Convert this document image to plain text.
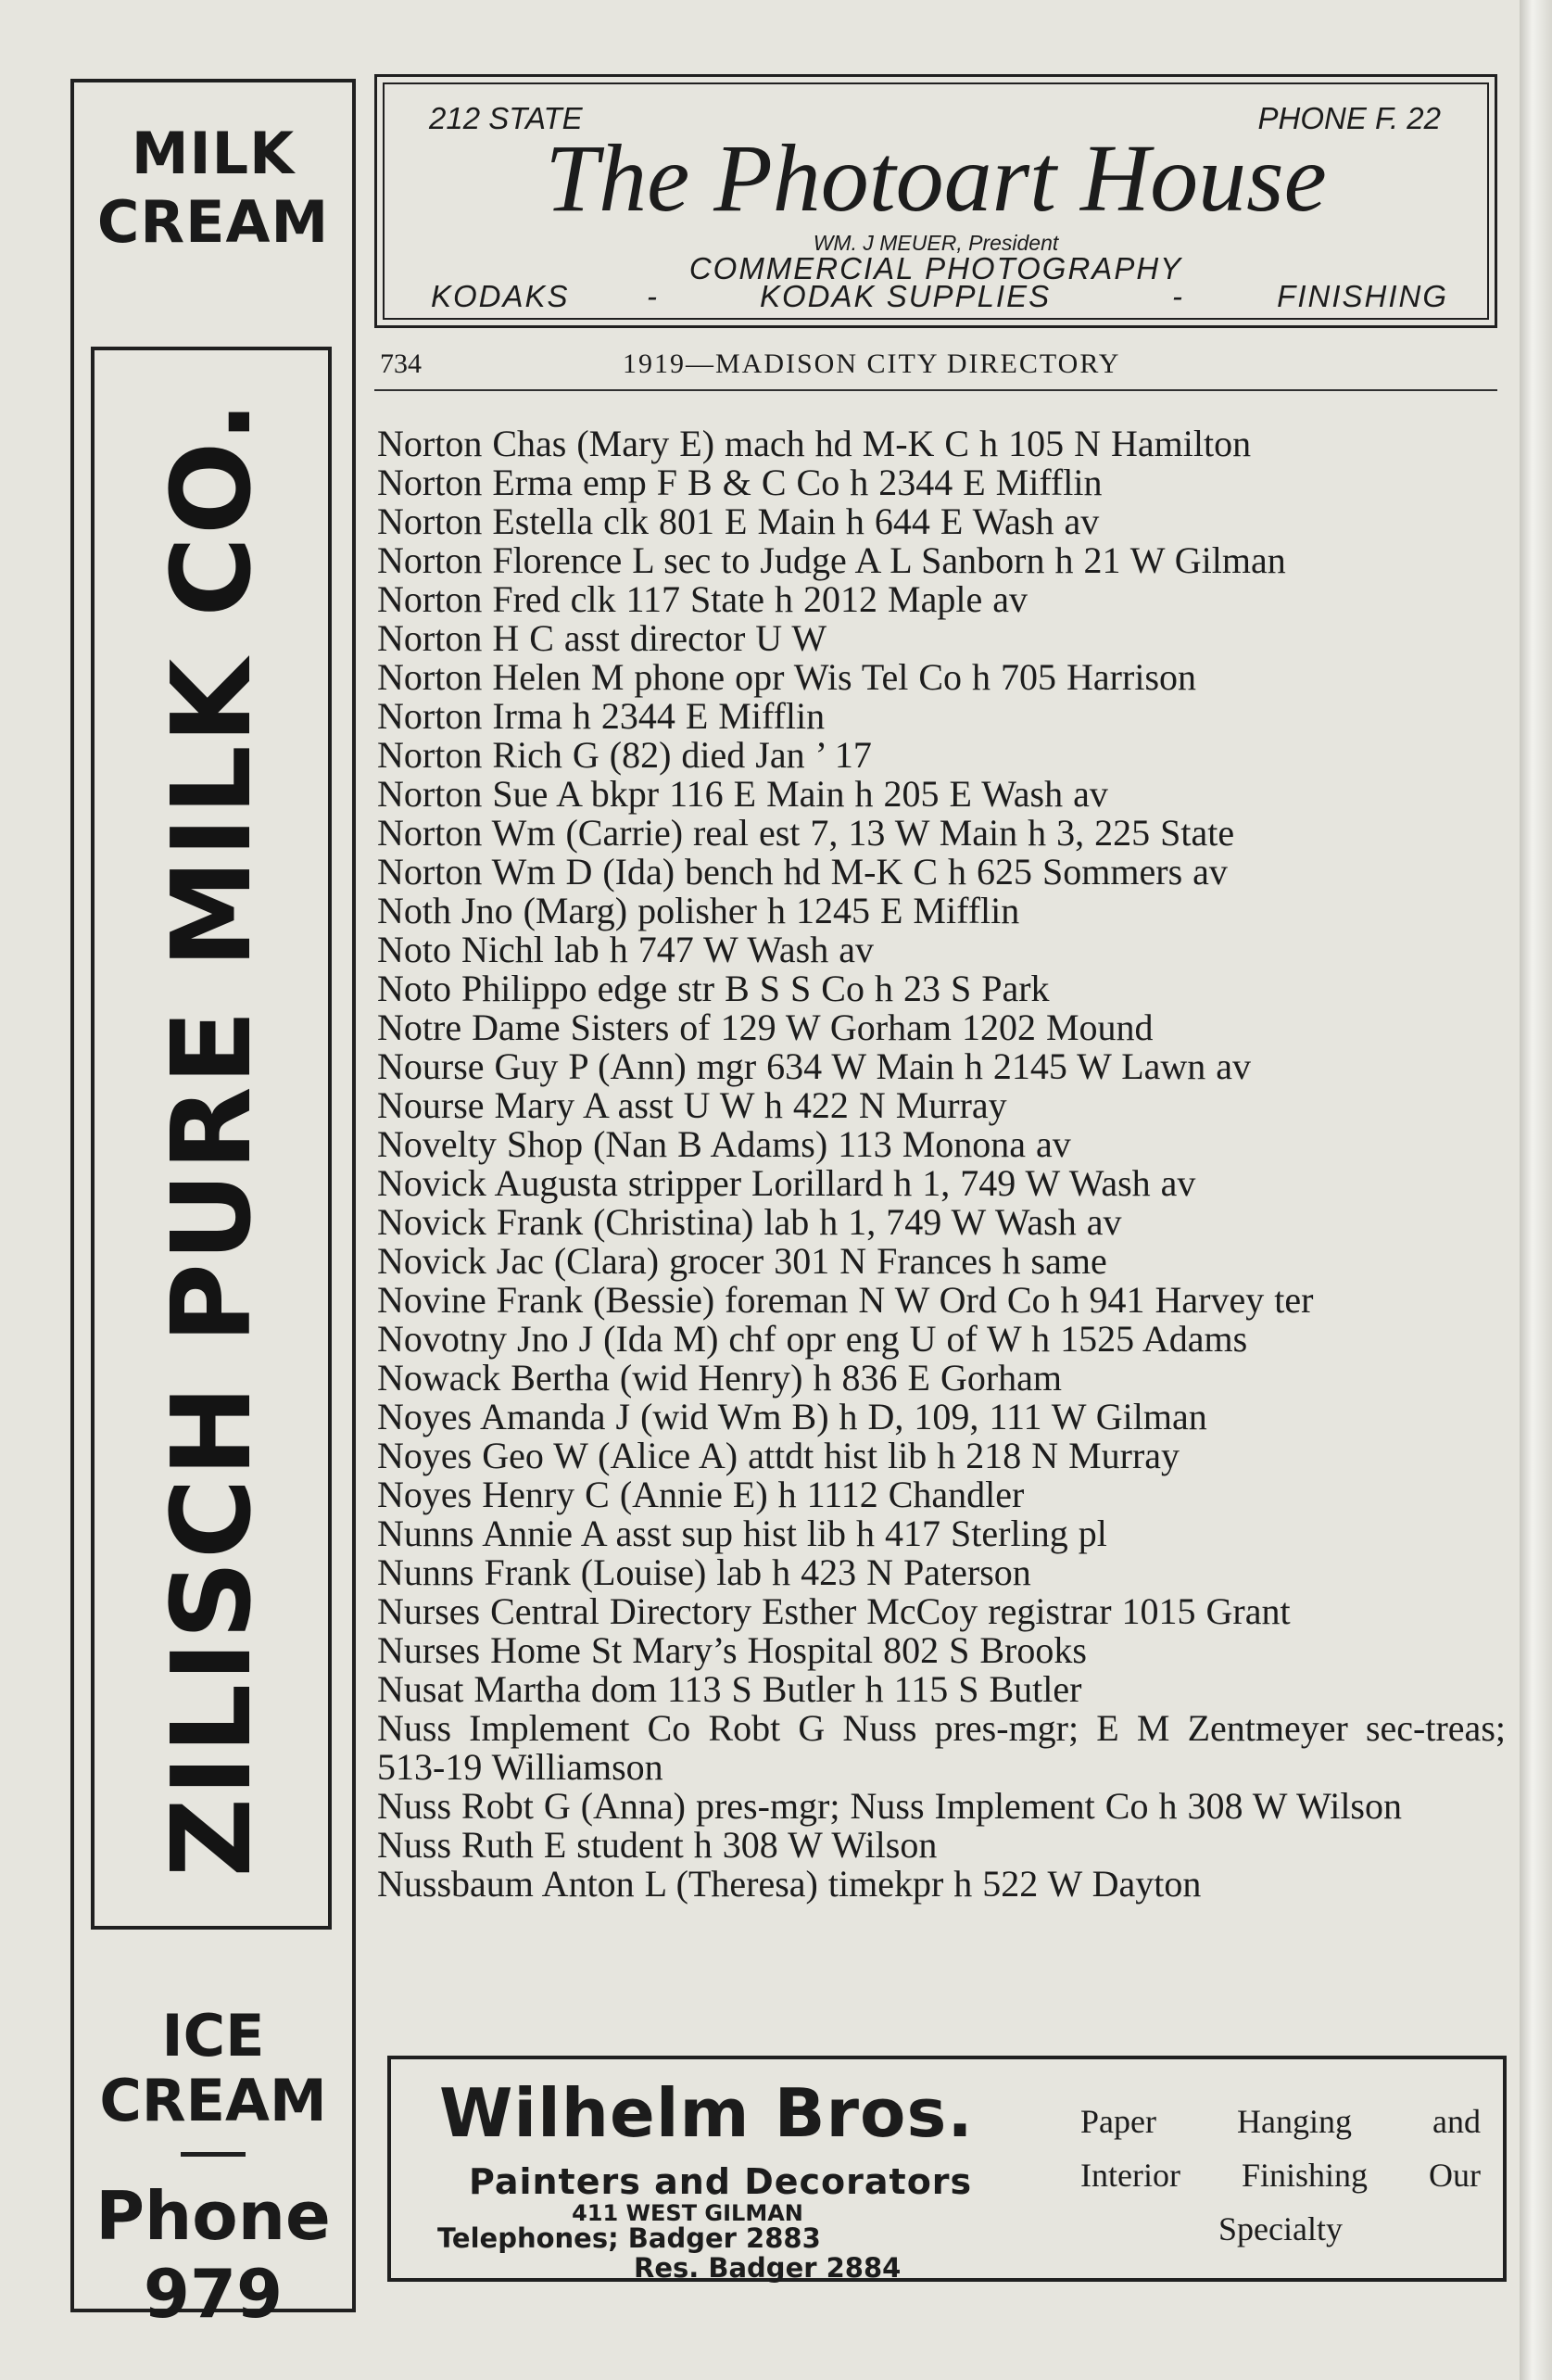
MILK
CREAM
ZILISCH PURE MILK CO.
ICE
CREAM
Phone
979
212 STATE	PHONE F. 22
The Photoart House
WM. J MEUER, President
COMMERCIAL PHOTOGRAPHY
KODAKS	-	KODAK SUPPLIES	-	FINISHING
734	1919—MADISON CITY DIRECTORY
Norton Chas (Mary E) mach hd M-K C h 105 N Hamilton
Norton Erma emp F B & C Co h 2344 E Mifflin
Norton Estella clk 801 E Main h 644 E Wash av
Norton Florence L sec to Judge A L Sanborn h 21 W Gilman
Norton Fred clk 117 State h 2012 Maple av
Norton H C asst director U W
Norton Helen M phone opr Wis Tel Co h 705 Harrison
Norton Irma h 2344 E Mifflin
Norton Rich G (82) died Jan ’ 17
Norton Sue A bkpr 116 E Main h 205 E Wash av
Norton Wm (Carrie) real est 7, 13 W Main h 3, 225 State
Norton Wm D (Ida) bench hd M-K C h 625 Sommers av
Noth Jno (Marg) polisher h 1245 E Mifflin
Noto Nichl lab h 747 W Wash av
Noto Philippo edge str B S S Co h 23 S Park
Notre Dame Sisters of 129 W Gorham 1202 Mound
Nourse Guy P (Ann) mgr 634 W Main h 2145 W Lawn av
Nourse Mary A asst U W h 422 N Murray
Novelty Shop (Nan B Adams) 113 Monona av
Novick Augusta stripper Lorillard h 1, 749 W Wash av
Novick Frank (Christina) lab h 1, 749 W Wash av
Novick Jac (Clara) grocer 301 N Frances h same
Novine Frank (Bessie) foreman N W Ord Co h 941 Harvey ter
Novotny Jno J (Ida M) chf opr eng U of W h 1525 Adams
Nowack Bertha (wid Henry) h 836 E Gorham
Noyes Amanda J (wid Wm B) h D, 109, 111 W Gilman
Noyes Geo W (Alice A) attdt hist lib h 218 N Murray
Noyes Henry C (Annie E) h 1112 Chandler
Nunns Annie A asst sup hist lib h 417 Sterling pl
Nunns Frank (Louise) lab h 423 N Paterson
Nurses Central Directory Esther McCoy registrar 1015 Grant
Nurses Home St Mary’s Hospital 802 S Brooks
Nusat Martha dom 113 S Butler h 115 S Butler
Nuss Implement Co Robt G Nuss pres-mgr; E M Zentmeyer sec-treas; 513-19 Williamson
Nuss Robt G (Anna) pres-mgr; Nuss Implement Co h 308 W Wilson
Nuss Ruth E student h 308 W Wilson
Nussbaum Anton L (Theresa) timekpr h 522 W Dayton
Wilhelm Bros.
Painters and Decorators
411 WEST GILMAN
Telephones; Badger 2883
Res. Badger 2884
Paper Hanging and
Interior Finishing Our
Specialty
